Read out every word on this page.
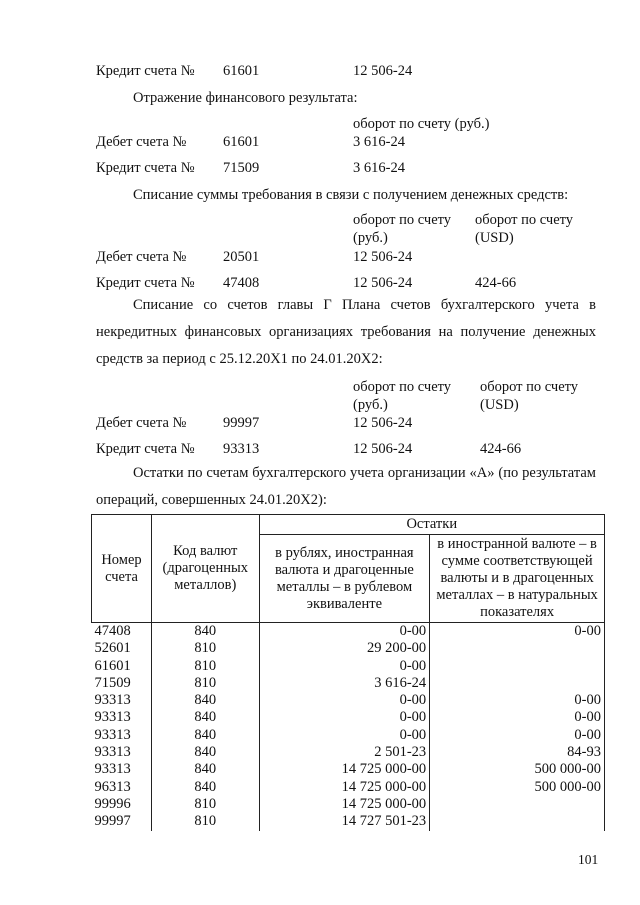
Кредит счета № 61601	12 506-24
Отражение финансового результата:
оборот по счету (руб.)
Дебет счета №	61601	3 616-24
Кредит счета № 71509	3 616-24
Списание суммы требования в связи с получением денежных средств:
оборот по счету
(руб.)
оборот по счету
(USD)
Дебет счета №	20501	12 506-24
Кредит счета № 47408	12 506-24	424-66
Списание со счетов главы Г Плана счетов бухгалтерского учета в некредитных финансовых организациях требования на получение денежных средств за период с 25.12.20Х1 по 24.01.20Х2:
оборот по счету
(руб.)
оборот по счету
(USD)
Дебет счета №	99997	12 506-24
Кредит счета № 93313	12 506-24	424-66
Остатки по счетам бухгалтерского учета организации «А» (по результатам операций, совершенных 24.01.20Х2):
Номер счета	Код валют (драгоценных металлов)	Остатки	
		в рублях, иностранная валюта и драгоценные металлы – в рублевом эквиваленте	в иностранной валюте – в сумме соответствующей валюты и в драгоценных металлах – в натуральных показателях
47408	840	0-00	0-00
52601	810	29 200-00	
61601	810	0-00	
71509	810	3 616-24	
93313	840	0-00	0-00
93313	840	0-00	0-00
93313	840	0-00	0-00
93313	840	2 501-23	84-93
93313	840	14 725 000-00	500 000-00
96313	840	14 725 000-00	500 000-00
99996	810	14 725 000-00	
99997	810	14 727 501-23	
101
